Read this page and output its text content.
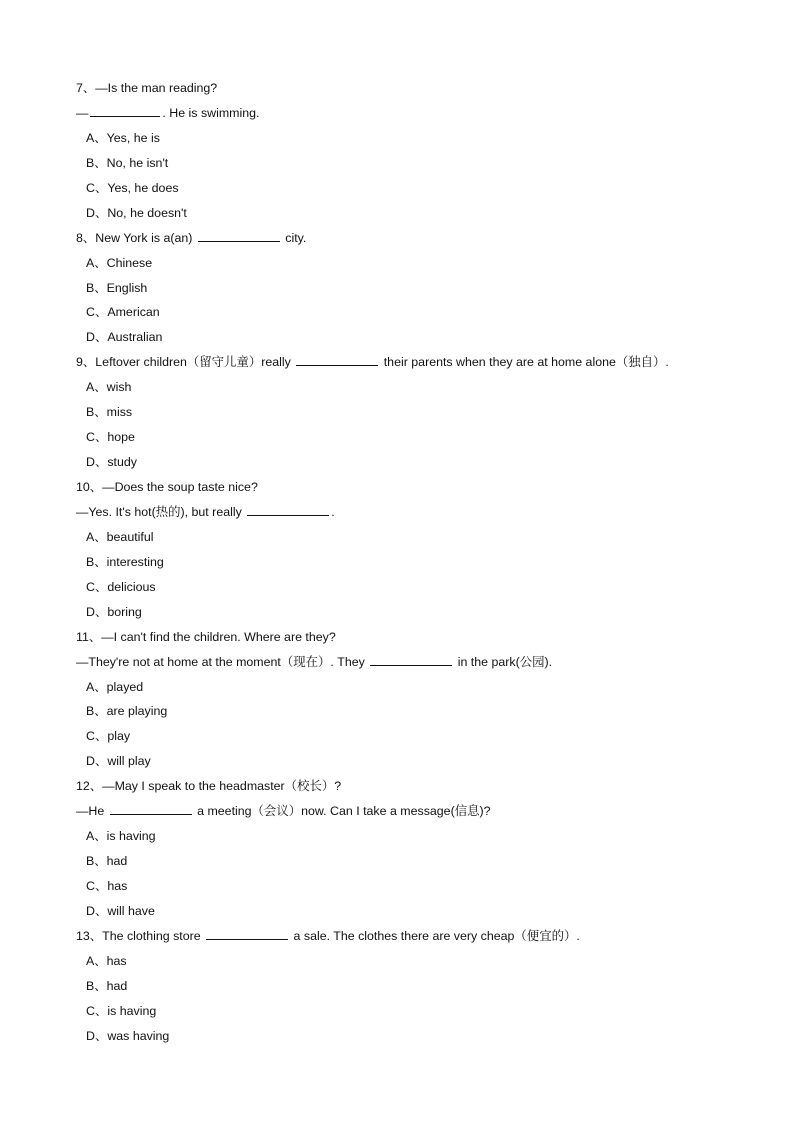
7、—Is the man reading?
—	. He is swimming.
A、Yes, he is
B、No, he isn't
C、Yes, he does
D、No, he doesn't
8、New York is a(an)	city.
A、Chinese
B、English
C、American
D、Australian
9、Leftover children（留守儿童）really	their parents when they are at home alone（独自）.
A、wish
B、miss
C、hope
D、study
10、—Does the soup taste nice?
—Yes. It's hot(热的), but really	.
A、beautiful
B、interesting
C、delicious
D、boring
11、—I can't find the children. Where are they?
—They're not at home at the moment（现在）. They	in the park(公园).
A、played
B、are playing
C、play
D、will play
12、—May I speak to the headmaster（校长）?
—He	a meeting（会议）now. Can I take a message(信息)?
A、is having
B、had
C、has
D、will have
13、The clothing store	a sale. The clothes there are very cheap（便宜的）.
A、has
B、had
C、is having
D、was having
